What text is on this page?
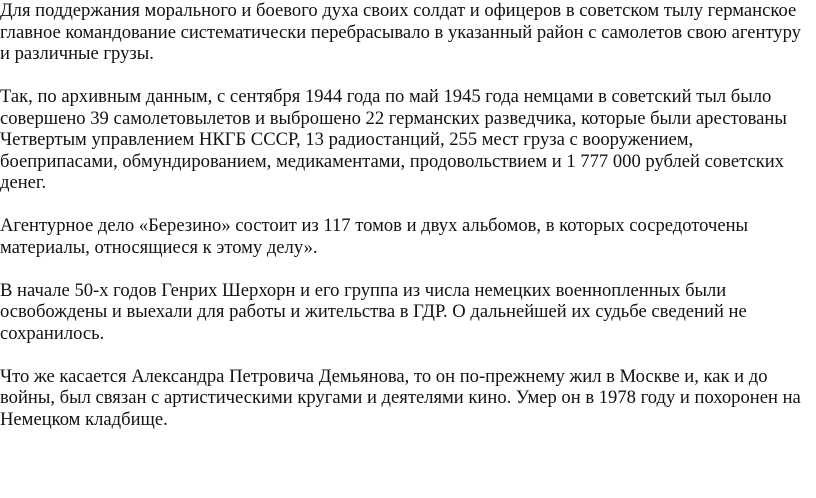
Для поддержания морального и боевого духа своих солдат и офицеров в советском тылу германское главное командование систематически перебрасывало в указанный район с самолетов свою агентуру и различные грузы.

Так, по архивным данным, с сентября 1944 года по май 1945 года немцами в советский тыл было совершено 39 самолетовылетов и выброшено 22 германских разведчика, которые были арестованы Четвертым управлением НКГБ СССР, 13 радиостанций, 255 мест груза с вооружением, боеприпасами, обмундированием, медикаментами, продовольствием и 1 777 000 рублей советских денег.

Агентурное дело «Березино» состоит из 117 томов и двух альбомов, в которых сосредоточены материалы, относящиеся к этому делу».

В начале 50-х годов Генрих Шерхорн и его группа из числа немецких военнопленных были освобождены и выехали для работы и жительства в ГДР. О дальнейшей их судьбе сведений не сохранилось.

Что же касается Александра Петровича Демьянова, то он по-прежнему жил в Москве и, как и до войны, был связан с артистическими кругами и деятелями кино. Умер он в 1978 году и похоронен на Немецком кладбище.
